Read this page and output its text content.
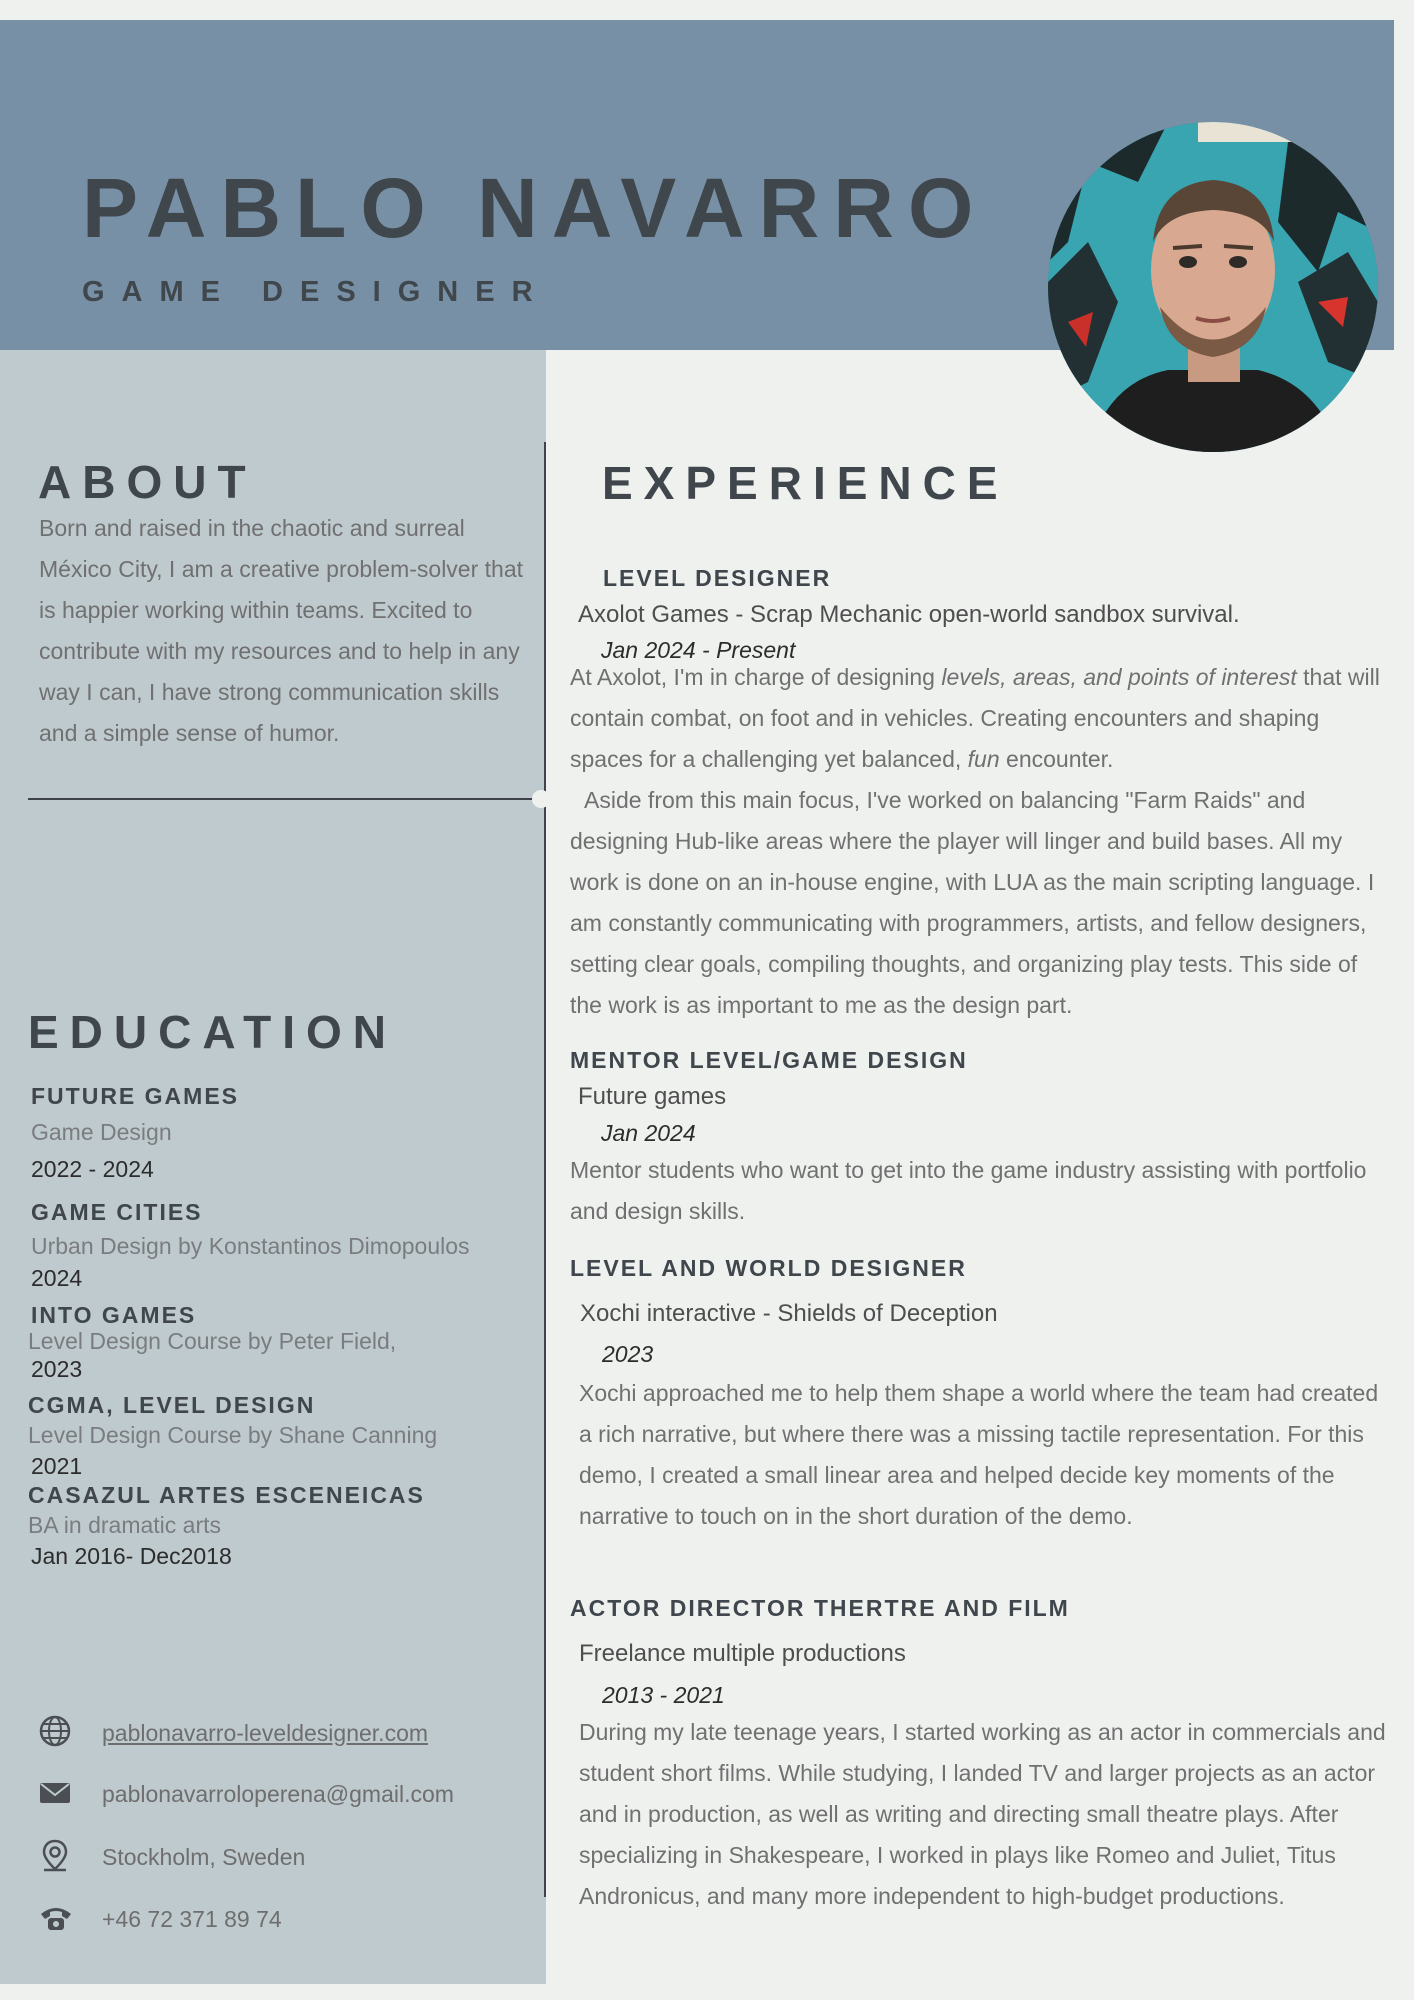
PABLO NAVARRO
GAME DESIGNER
ABOUT
Born and raised in the chaotic and surreal México City, I am a creative problem-solver that is happier working within teams. Excited to contribute with my resources and to help in any way I can, I have strong communication skills and a simple sense of humor.
EDUCATION
FUTURE GAMES
Game Design
2022 - 2024
GAME CITIES
Urban Design by Konstantinos Dimopoulos
2024
INTO GAMES
Level Design Course by Peter Field,
2023
CGMA, LEVEL DESIGN
Level Design Course by Shane Canning
2021
CASAZUL ARTES ESCENEICAS
BA in dramatic arts
Jan 2016- Dec2018
pablonavarro-leveldesigner.com
pablonavarroloperena@gmail.com
Stockholm, Sweden
+46 72 371 89 74
EXPERIENCE
LEVEL DESIGNER
Axolot Games - Scrap Mechanic open-world sandbox survival.
Jan 2024 - Present

At Axolot, I'm in charge of designing levels, areas, and points of interest that will contain combat, on foot and in vehicles. Creating encounters and shaping spaces for a challenging yet balanced, fun encounter.

Aside from this main focus, I've worked on balancing "Farm Raids" and designing Hub-like areas where the player will linger and build bases. All my work is done on an in-house engine, with LUA as the main scripting language. I am constantly communicating with programmers, artists, and fellow designers, setting clear goals, compiling thoughts, and organizing play tests. This side of the work is as important to me as the design part.

MENTOR LEVEL/GAME DESIGN
Future games
Jan 2024
Mentor students who want to get into the game industry assisting with portfolio and design skills.
LEVEL AND WORLD DESIGNER
Xochi interactive - Shields of Deception
2023
Xochi approached me to help them shape a world where the team had created a rich narrative, but where there was a missing tactile representation. For this demo, I created a small linear area and helped decide key moments of the narrative to touch on in the short duration of the demo.
ACTOR DIRECTOR THERTRE AND FILM
Freelance multiple productions
2013 - 2021
During my late teenage years, I started working as an actor in commercials and student short films. While studying, I landed TV and larger projects as an actor and in production, as well as writing and directing small theatre plays. After specializing in Shakespeare, I worked in plays like Romeo and Juliet, Titus Andronicus, and many more independent to high-budget productions.
